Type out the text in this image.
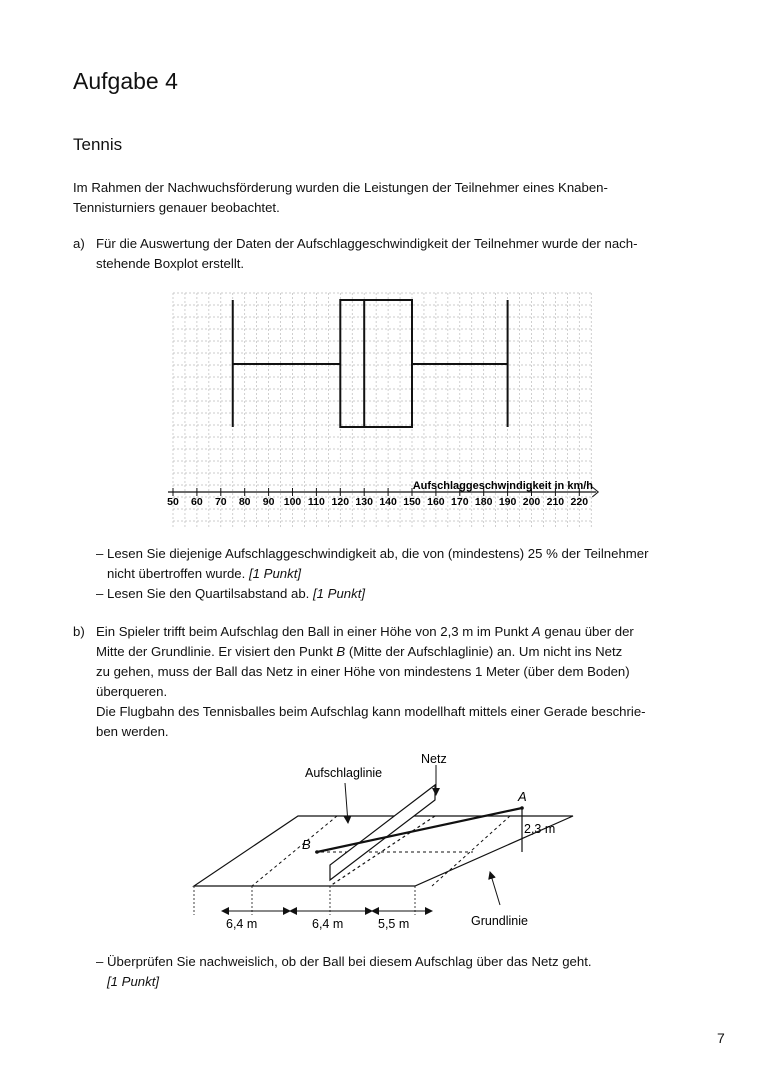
Aufgabe 4
Tennis
Im Rahmen der Nachwuchsförderung wurden die Leistungen der Teilnehmer eines Knaben-
Tennisturniers genauer beobachtet.
a) Für die Auswertung der Daten der Aufschlaggeschwindigkeit der Teilnehmer wurde der nach-
stehende Boxplot erstellt.
50 60 70 80 90 100 110 120 130 140 150 160 170 180 190 200 210 220
Aufschlaggeschwindigkeit in km/h
– Lesen Sie diejenige Aufschlaggeschwindigkeit ab, die von (mindestens) 25 % der Teilnehmer
nicht übertroffen wurde. [1 Punkt]
– Lesen Sie den Quartilsabstand ab. [1 Punkt]
b) Ein Spieler trifft beim Aufschlag den Ball in einer Höhe von 2,3 m im Punkt A genau über der
Mitte der Grundlinie. Er visiert den Punkt B (Mitte der Aufschlaglinie) an. Um nicht ins Netz
zu gehen, muss der Ball das Netz in einer Höhe von mindestens 1 Meter (über dem Boden)
überqueren.
Die Flugbahn des Tennisballes beim Aufschlag kann modellhaft mittels einer Gerade beschrie-
ben werden.
Netz
Aufschlaglinie
A
B
2,3 m
Grundlinie
6,4 m	6,4 m	5,5 m
– Überprüfen Sie nachweislich, ob der Ball bei diesem Aufschlag über das Netz geht.
[1 Punkt]
7
